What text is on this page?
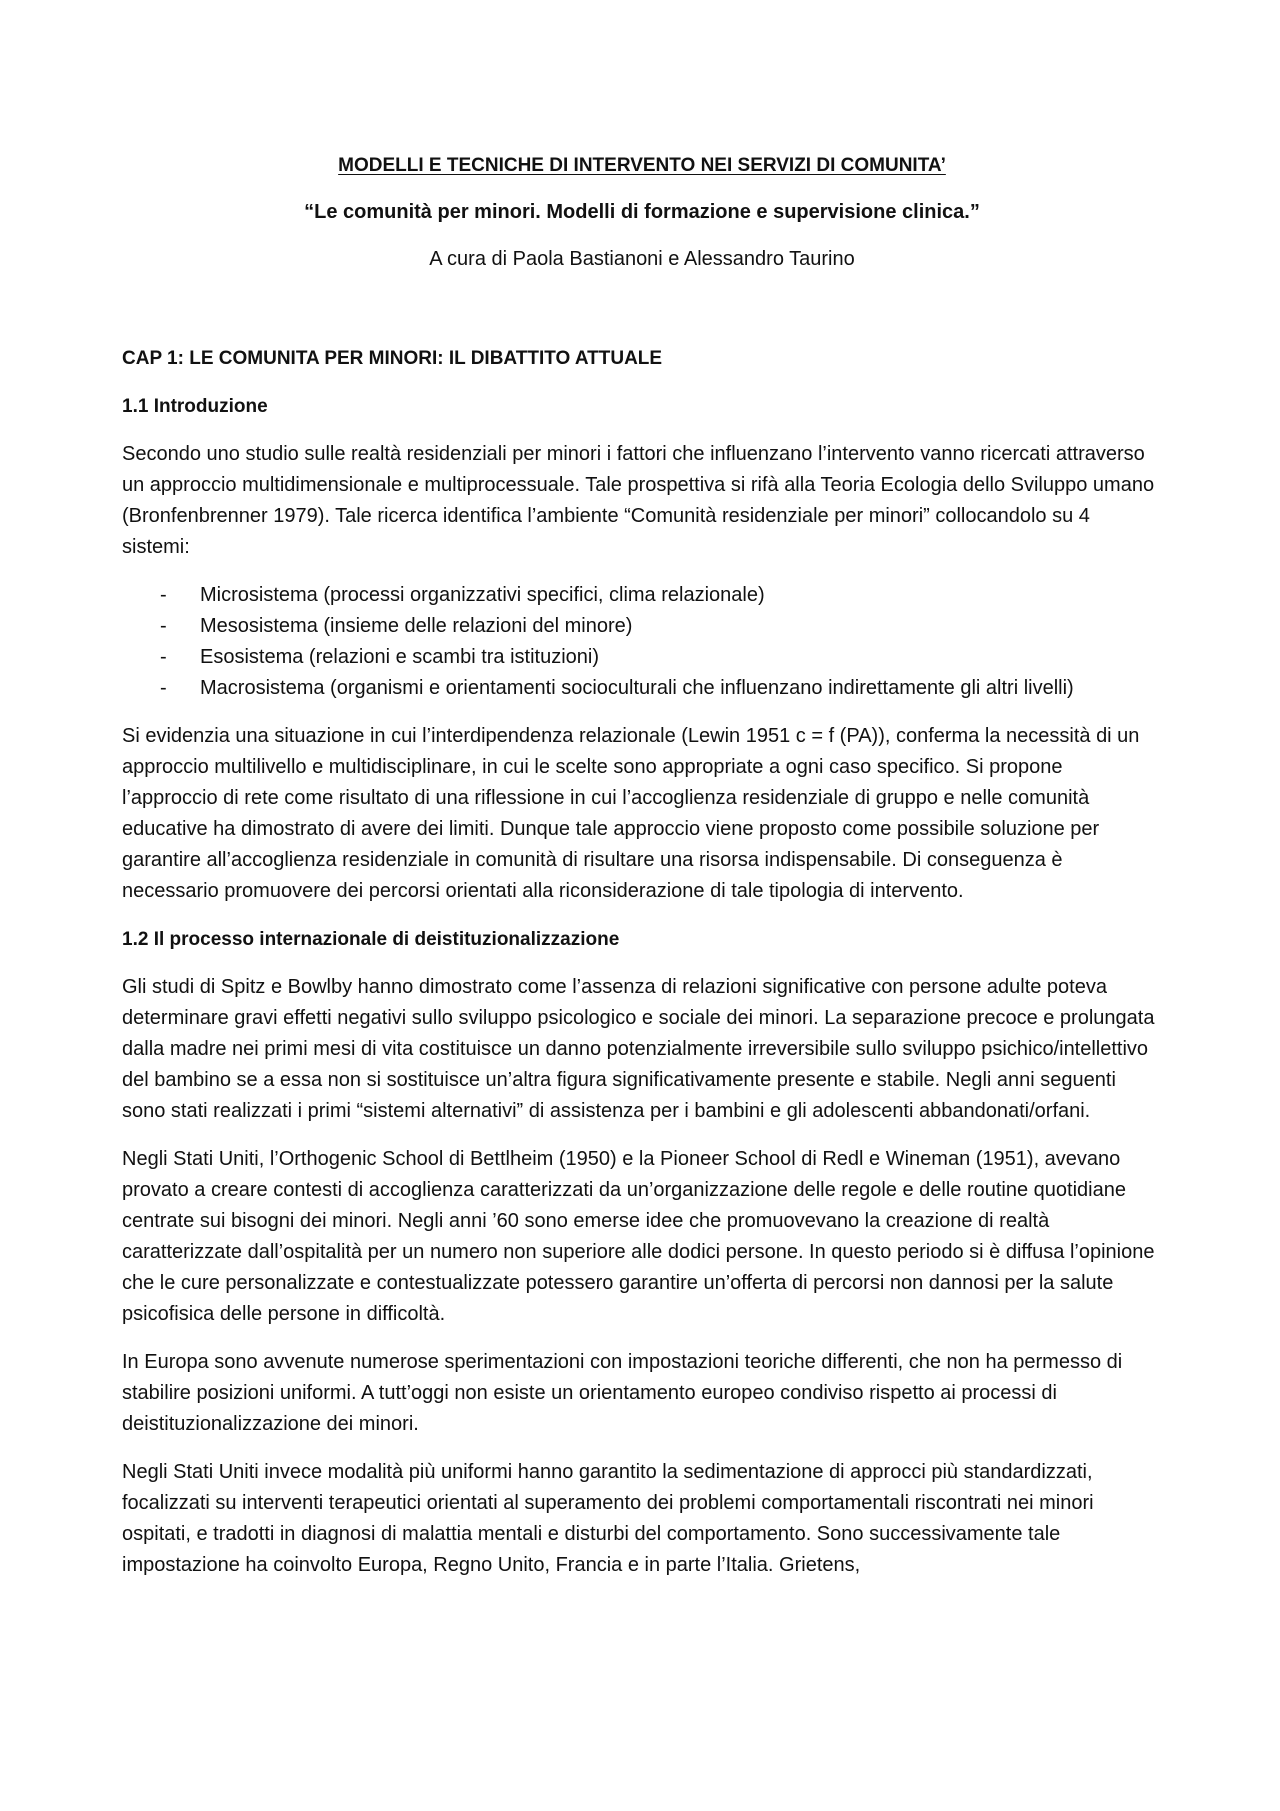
MODELLI E TECNICHE DI INTERVENTO NEI SERVIZI DI COMUNITA’

“Le comunità per minori. Modelli di formazione e supervisione clinica.”

A cura di Paola Bastianoni e Alessandro Taurino

CAP 1: LE COMUNITA PER MINORI: IL DIBATTITO ATTUALE

1.1 Introduzione

Secondo uno studio sulle realtà residenziali per minori i fattori che influenzano l’intervento vanno ricercati attraverso un approccio multidimensionale e multiprocessuale. Tale prospettiva si rifà alla Teoria Ecologia dello Sviluppo umano (Bronfenbrenner 1979). Tale ricerca identifica l’ambiente “Comunità residenziale per minori” collocandolo su 4 sistemi:

- Microsistema (processi organizzativi specifici, clima relazionale)
- Mesosistema (insieme delle relazioni del minore)
- Esosistema (relazioni e scambi tra istituzioni)
- Macrosistema (organismi e orientamenti socioculturali che influenzano indirettamente gli altri livelli)

Si evidenzia una situazione in cui l’interdipendenza relazionale (Lewin 1951 c = f (PA)), conferma la necessità di un approccio multilivello e multidisciplinare, in cui le scelte sono appropriate a ogni caso specifico. Si propone l’approccio di rete come risultato di una riflessione in cui l’accoglienza residenziale di gruppo e nelle comunità educative ha dimostrato di avere dei limiti. Dunque tale approccio viene proposto come possibile soluzione per garantire all’accoglienza residenziale in comunità di risultare una risorsa indispensabile. Di conseguenza è necessario promuovere dei percorsi orientati alla riconsiderazione di tale tipologia di intervento.

1.2 Il processo internazionale di deistituzionalizzazione

Gli studi di Spitz e Bowlby hanno dimostrato come l’assenza di relazioni significative con persone adulte poteva determinare gravi effetti negativi sullo sviluppo psicologico e sociale dei minori. La separazione precoce e prolungata dalla madre nei primi mesi di vita costituisce un danno potenzialmente irreversibile sullo sviluppo psichico/intellettivo del bambino se a essa non si sostituisce un’altra figura significativamente presente e stabile. Negli anni seguenti sono stati realizzati i primi “sistemi alternativi” di assistenza per i bambini e gli adolescenti abbandonati/orfani.

Negli Stati Uniti, l’Orthogenic School di Bettlheim (1950) e la Pioneer School di Redl e Wineman (1951), avevano provato a creare contesti di accoglienza caratterizzati da un’organizzazione delle regole e delle routine quotidiane centrate sui bisogni dei minori. Negli anni ’60 sono emerse idee che promuovevano la creazione di realtà caratterizzate dall’ospitalità per un numero non superiore alle dodici persone. In questo periodo si è diffusa l’opinione che le cure personalizzate e contestualizzate potessero garantire un’offerta di percorsi non dannosi per la salute psicofisica delle persone in difficoltà.

In Europa sono avvenute numerose sperimentazioni con impostazioni teoriche differenti, che non ha permesso di stabilire posizioni uniformi. A tutt’oggi non esiste un orientamento europeo condiviso rispetto ai processi di deistituzionalizzazione dei minori.

Negli Stati Uniti invece modalità più uniformi hanno garantito la sedimentazione di approcci più standardizzati, focalizzati su interventi terapeutici orientati al superamento dei problemi comportamentali riscontrati nei minori ospitati, e tradotti in diagnosi di malattia mentali e disturbi del comportamento. Sono successivamente tale impostazione ha coinvolto Europa, Regno Unito, Francia e in parte l’Italia. Grietens,
